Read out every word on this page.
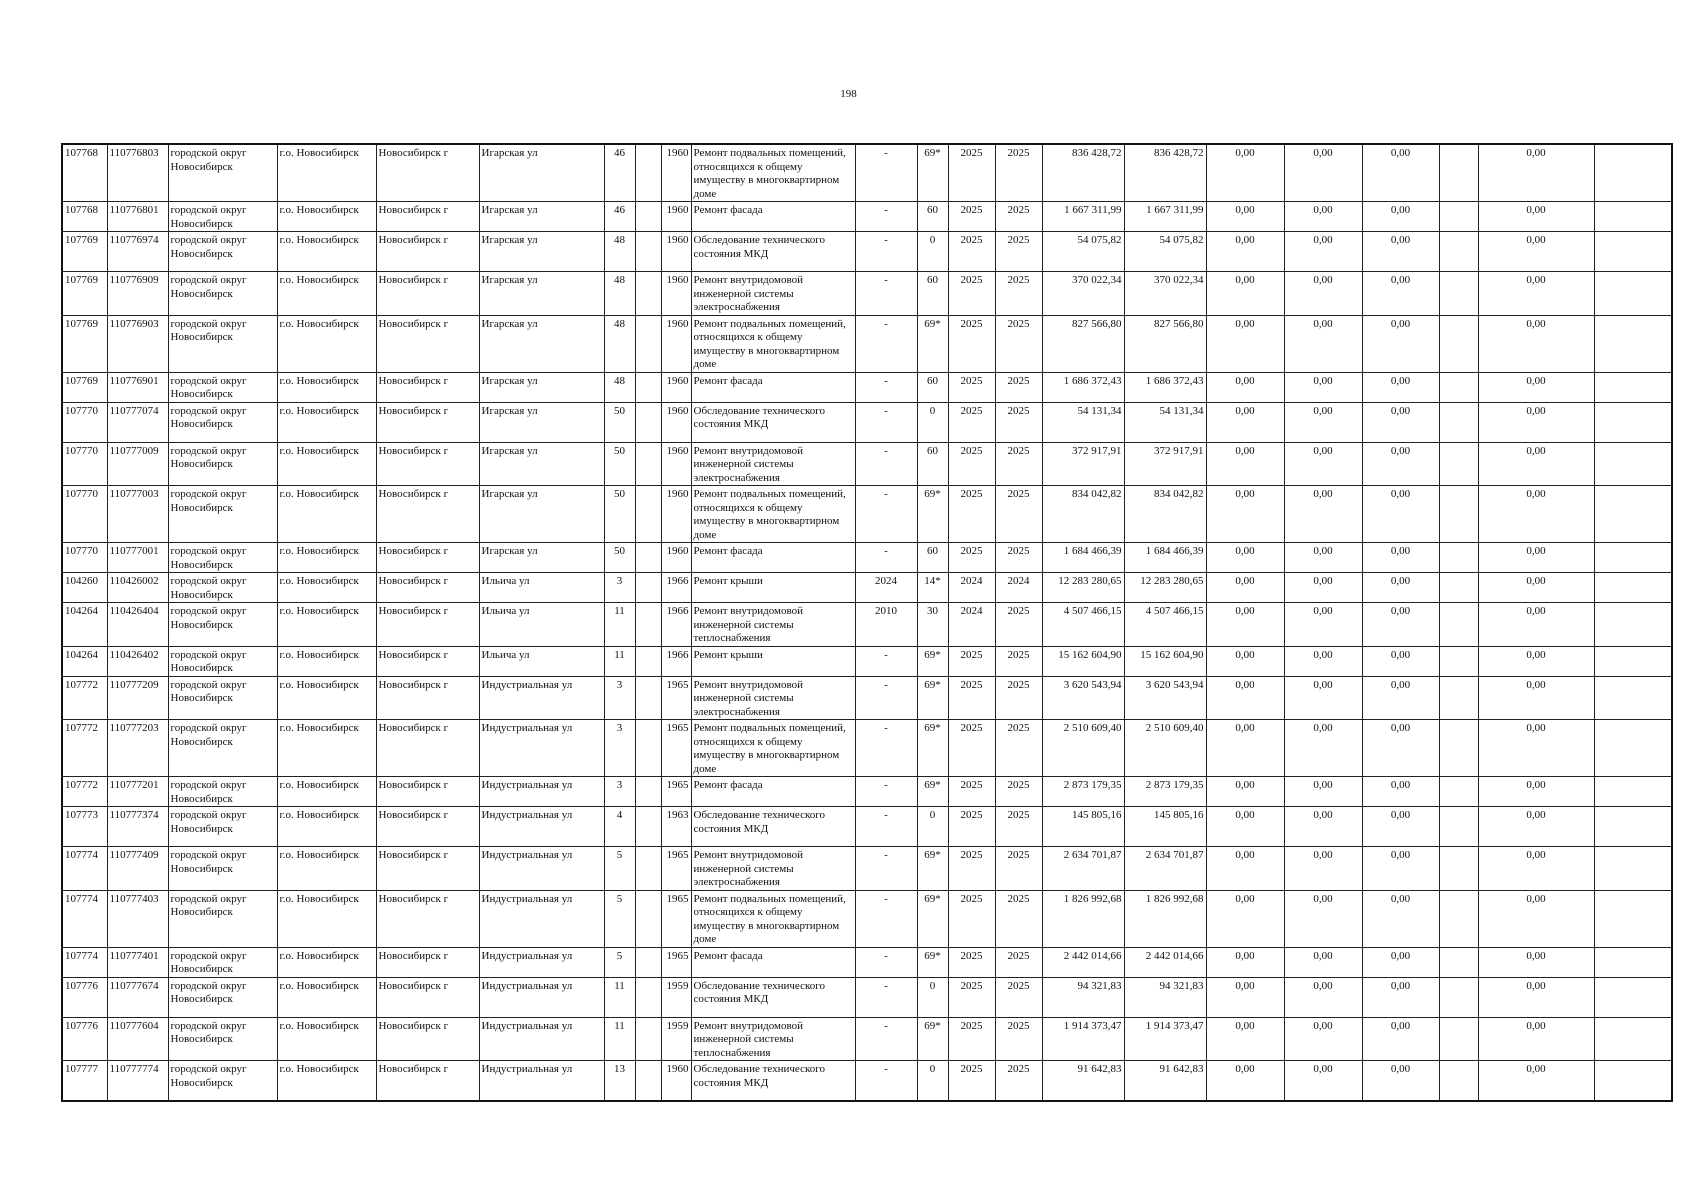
198
107768	110776803	городской округ Новосибирск	г.о. Новосибирск	Новосибирск г	Игарская ул	46		1960	Ремонт подвальных помещений, относящихся к общему имуществу в многоквартирном доме	-	69*	2025	2025	836 428,72	836 428,72	0,00	0,00	0,00		0,00	
107768	110776801	городской округ Новосибирск	г.о. Новосибирск	Новосибирск г	Игарская ул	46		1960	Ремонт фасада	-	60	2025	2025	1 667 311,99	1 667 311,99	0,00	0,00	0,00		0,00	
107769	110776974	городской округ Новосибирск	г.о. Новосибирск	Новосибирск г	Игарская ул	48		1960	Обследование технического состояния МКД	-	0	2025	2025	54 075,82	54 075,82	0,00	0,00	0,00		0,00	
107769	110776909	городской округ Новосибирск	г.о. Новосибирск	Новосибирск г	Игарская ул	48		1960	Ремонт внутридомовой инженерной системы электроснабжения	-	60	2025	2025	370 022,34	370 022,34	0,00	0,00	0,00		0,00	
107769	110776903	городской округ Новосибирск	г.о. Новосибирск	Новосибирск г	Игарская ул	48		1960	Ремонт подвальных помещений, относящихся к общему имуществу в многоквартирном доме	-	69*	2025	2025	827 566,80	827 566,80	0,00	0,00	0,00		0,00	
107769	110776901	городской округ Новосибирск	г.о. Новосибирск	Новосибирск г	Игарская ул	48		1960	Ремонт фасада	-	60	2025	2025	1 686 372,43	1 686 372,43	0,00	0,00	0,00		0,00	
107770	110777074	городской округ Новосибирск	г.о. Новосибирск	Новосибирск г	Игарская ул	50		1960	Обследование технического состояния МКД	-	0	2025	2025	54 131,34	54 131,34	0,00	0,00	0,00		0,00	
107770	110777009	городской округ Новосибирск	г.о. Новосибирск	Новосибирск г	Игарская ул	50		1960	Ремонт внутридомовой инженерной системы электроснабжения	-	60	2025	2025	372 917,91	372 917,91	0,00	0,00	0,00		0,00	
107770	110777003	городской округ Новосибирск	г.о. Новосибирск	Новосибирск г	Игарская ул	50		1960	Ремонт подвальных помещений, относящихся к общему имуществу в многоквартирном доме	-	69*	2025	2025	834 042,82	834 042,82	0,00	0,00	0,00		0,00	
107770	110777001	городской округ Новосибирск	г.о. Новосибирск	Новосибирск г	Игарская ул	50		1960	Ремонт фасада	-	60	2025	2025	1 684 466,39	1 684 466,39	0,00	0,00	0,00		0,00	
104260	110426002	городской округ Новосибирск	г.о. Новосибирск	Новосибирск г	Ильича ул	3		1966	Ремонт крыши	2024	14*	2024	2024	12 283 280,65	12 283 280,65	0,00	0,00	0,00		0,00	
104264	110426404	городской округ Новосибирск	г.о. Новосибирск	Новосибирск г	Ильича ул	11		1966	Ремонт внутридомовой инженерной системы теплоснабжения	2010	30	2024	2025	4 507 466,15	4 507 466,15	0,00	0,00	0,00		0,00	
104264	110426402	городской округ Новосибирск	г.о. Новосибирск	Новосибирск г	Ильича ул	11		1966	Ремонт крыши	-	69*	2025	2025	15 162 604,90	15 162 604,90	0,00	0,00	0,00		0,00	
107772	110777209	городской округ Новосибирск	г.о. Новосибирск	Новосибирск г	Индустриальная ул	3		1965	Ремонт внутридомовой инженерной системы электроснабжения	-	69*	2025	2025	3 620 543,94	3 620 543,94	0,00	0,00	0,00		0,00	
107772	110777203	городской округ Новосибирск	г.о. Новосибирск	Новосибирск г	Индустриальная ул	3		1965	Ремонт подвальных помещений, относящихся к общему имуществу в многоквартирном доме	-	69*	2025	2025	2 510 609,40	2 510 609,40	0,00	0,00	0,00		0,00	
107772	110777201	городской округ Новосибирск	г.о. Новосибирск	Новосибирск г	Индустриальная ул	3		1965	Ремонт фасада	-	69*	2025	2025	2 873 179,35	2 873 179,35	0,00	0,00	0,00		0,00	
107773	110777374	городской округ Новосибирск	г.о. Новосибирск	Новосибирск г	Индустриальная ул	4		1963	Обследование технического состояния МКД	-	0	2025	2025	145 805,16	145 805,16	0,00	0,00	0,00		0,00	
107774	110777409	городской округ Новосибирск	г.о. Новосибирск	Новосибирск г	Индустриальная ул	5		1965	Ремонт внутридомовой инженерной системы электроснабжения	-	69*	2025	2025	2 634 701,87	2 634 701,87	0,00	0,00	0,00		0,00	
107774	110777403	городской округ Новосибирск	г.о. Новосибирск	Новосибирск г	Индустриальная ул	5		1965	Ремонт подвальных помещений, относящихся к общему имуществу в многоквартирном доме	-	69*	2025	2025	1 826 992,68	1 826 992,68	0,00	0,00	0,00		0,00	
107774	110777401	городской округ Новосибирск	г.о. Новосибирск	Новосибирск г	Индустриальная ул	5		1965	Ремонт фасада	-	69*	2025	2025	2 442 014,66	2 442 014,66	0,00	0,00	0,00		0,00	
107776	110777674	городской округ Новосибирск	г.о. Новосибирск	Новосибирск г	Индустриальная ул	11		1959	Обследование технического состояния МКД	-	0	2025	2025	94 321,83	94 321,83	0,00	0,00	0,00		0,00	
107776	110777604	городской округ Новосибирск	г.о. Новосибирск	Новосибирск г	Индустриальная ул	11		1959	Ремонт внутридомовой инженерной системы теплоснабжения	-	69*	2025	2025	1 914 373,47	1 914 373,47	0,00	0,00	0,00		0,00	
107777	110777774	городской округ Новосибирск	г.о. Новосибирск	Новосибирск г	Индустриальная ул	13		1960	Обследование технического состояния МКД	-	0	2025	2025	91 642,83	91 642,83	0,00	0,00	0,00		0,00	
